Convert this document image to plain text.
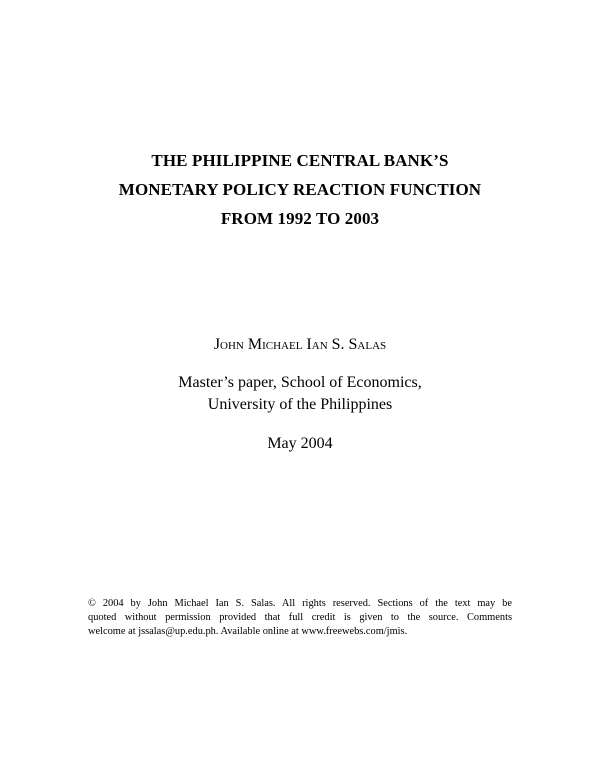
THE PHILIPPINE CENTRAL BANK’S
MONETARY POLICY REACTION FUNCTION
FROM 1992 TO 2003
John Michael Ian S. Salas
Master’s paper, School of Economics,
University of the Philippines
May 2004
© 2004 by John Michael Ian S. Salas. All rights reserved. Sections of the text may be
quoted without permission provided that full credit is given to the source. Comments
welcome at jssalas@up.edu.ph. Available online at www.freewebs.com/jmis.
